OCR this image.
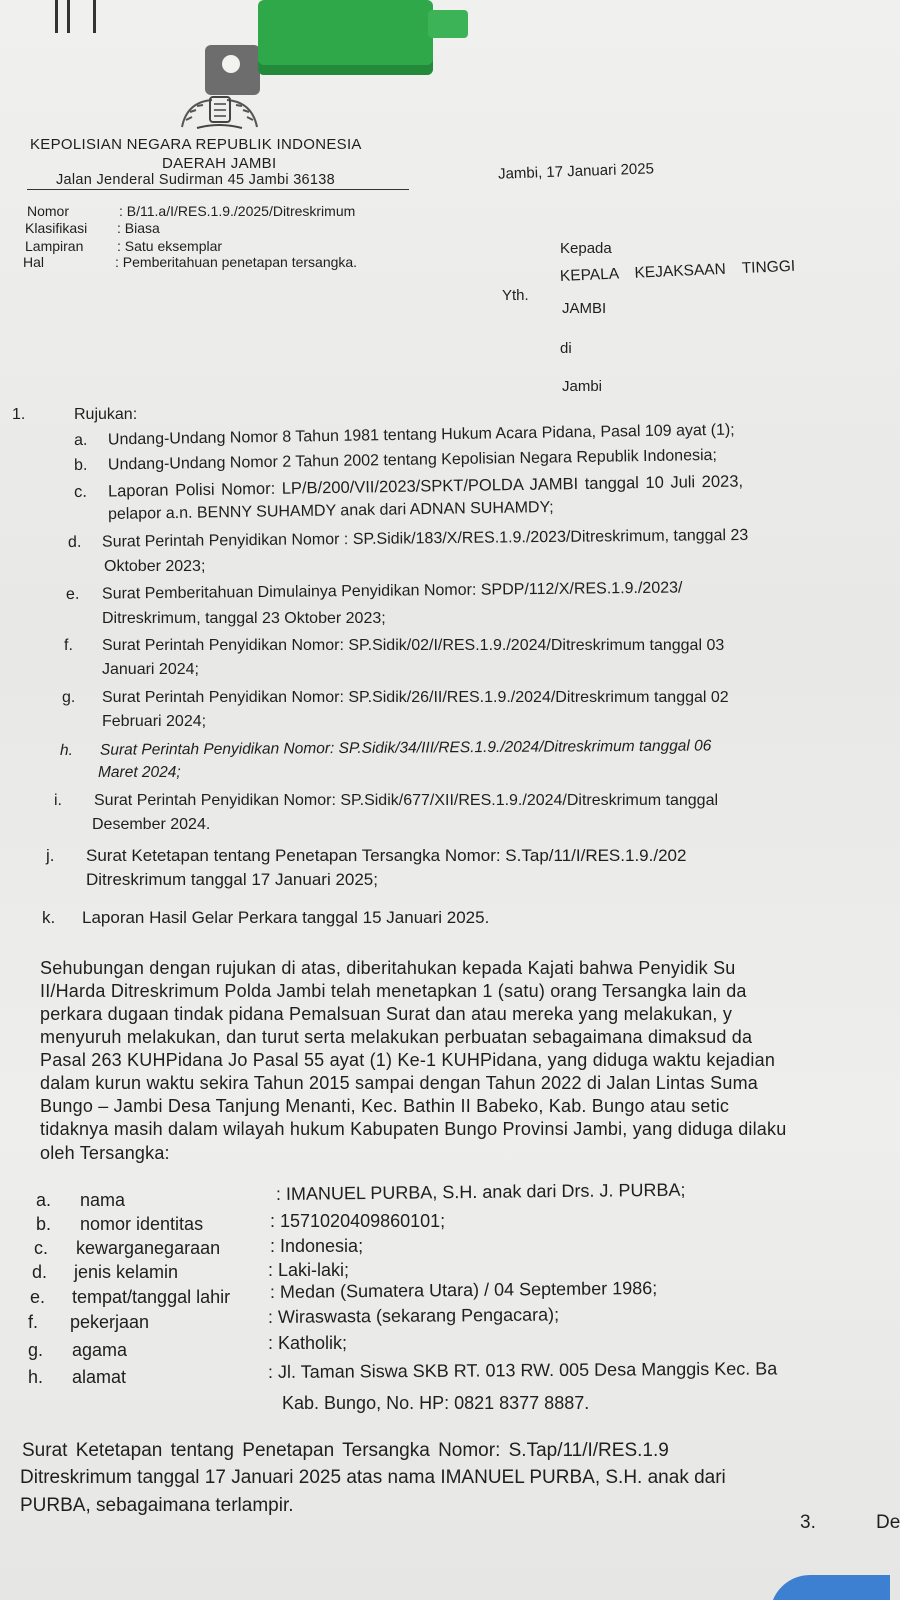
KEPOLISIAN NEGARA REPUBLIK INDONESIA
DAERAH JAMBI
Jalan Jenderal Sudirman 45 Jambi 36138	Jambi, 17 Januari 2025
Nomor	: B/11.a/I/RES.1.9./2025/Ditreskrimum
Klasifikasi : Biasa
Lampiran : Satu eksemplar
Hal	: Pemberitahuan penetapan tersangka.
Kepada
Yth.
KEPALA KEJAKSAAN TINGGI
JAMBI
di
Jambi
1.	Rujukan:
a. Undang-Undang Nomor 8 Tahun 1981 tentang Hukum Acara Pidana, Pasal 109 ayat (1);
b. Undang-Undang Nomor 2 Tahun 2002 tentang Kepolisian Negara Republik Indonesia;
c. Laporan Polisi Nomor: LP/B/200/VII/2023/SPKT/POLDA JAMBI tanggal 10 Juli 2023,
pelapor a.n. BENNY SUHAMDY anak dari ADNAN SUHAMDY;
d. Surat Perintah Penyidikan Nomor : SP.Sidik/183/X/RES.1.9./2023/Ditreskrimum, tanggal 23
Oktober 2023;
e. Surat Pemberitahuan Dimulainya Penyidikan Nomor: SPDP/112/X/RES.1.9./2023/
Ditreskrimum, tanggal 23 Oktober 2023;
f. Surat Perintah Penyidikan Nomor: SP.Sidik/02/I/RES.1.9./2024/Ditreskrimum tanggal 03
Januari 2024;
g. Surat Perintah Penyidikan Nomor: SP.Sidik/26/II/RES.1.9./2024/Ditreskrimum tanggal 02
Februari 2024;
h. Surat Perintah Penyidikan Nomor: SP.Sidik/34/III/RES.1.9./2024/Ditreskrimum tanggal 06
Maret 2024;
i. Surat Perintah Penyidikan Nomor: SP.Sidik/677/XII/RES.1.9./2024/Ditreskrimum tanggal
Desember 2024.
j. Surat Ketetapan tentang Penetapan Tersangka Nomor: S.Tap/11/I/RES.1.9./202
Ditreskrimum tanggal 17 Januari 2025;
k. Laporan Hasil Gelar Perkara tanggal 15 Januari 2025.
Sehubungan dengan rujukan di atas, diberitahukan kepada Kajati bahwa Penyidik Su
II/Harda Ditreskrimum Polda Jambi telah menetapkan 1 (satu) orang Tersangka lain da
perkara dugaan tindak pidana Pemalsuan Surat dan atau mereka yang melakukan, y
menyuruh melakukan, dan turut serta melakukan perbuatan sebagaimana dimaksud da
Pasal 263 KUHPidana Jo Pasal 55 ayat (1) Ke-1 KUHPidana, yang diduga waktu kejadian
dalam kurun waktu sekira Tahun 2015 sampai dengan Tahun 2022 di Jalan Lintas Suma
Bungo – Jambi Desa Tanjung Menanti, Kec. Bathin II Babeko, Kab. Bungo atau setic
tidaknya masih dalam wilayah hukum Kabupaten Bungo Provinsi Jambi, yang diduga dilaku
oleh Tersangka:
a. nama	: IMANUEL PURBA, S.H. anak dari Drs. J. PURBA;
b. nomor identitas	: 1571020409860101;
c. kewarganegaraan	: Indonesia;
d. jenis kelamin	: Laki-laki;
e. tempat/tanggal lahir : Medan (Sumatera Utara) / 04 September 1986;
f. pekerjaan	: Wiraswasta (sekarang Pengacara);
g. agama	: Katholik;
h. alamat	: Jl. Taman Siswa SKB RT. 013 RW. 005 Desa Manggis Kec. Ba
Kab. Bungo, No. HP: 0821 8377 8887.
Surat Ketetapan tentang Penetapan Tersangka Nomor: S.Tap/11/I/RES.1.9
Ditreskrimum tanggal 17 Januari 2025 atas nama IMANUEL PURBA, S.H. anak dari
PURBA, sebagaimana terlampir.
3.	De
